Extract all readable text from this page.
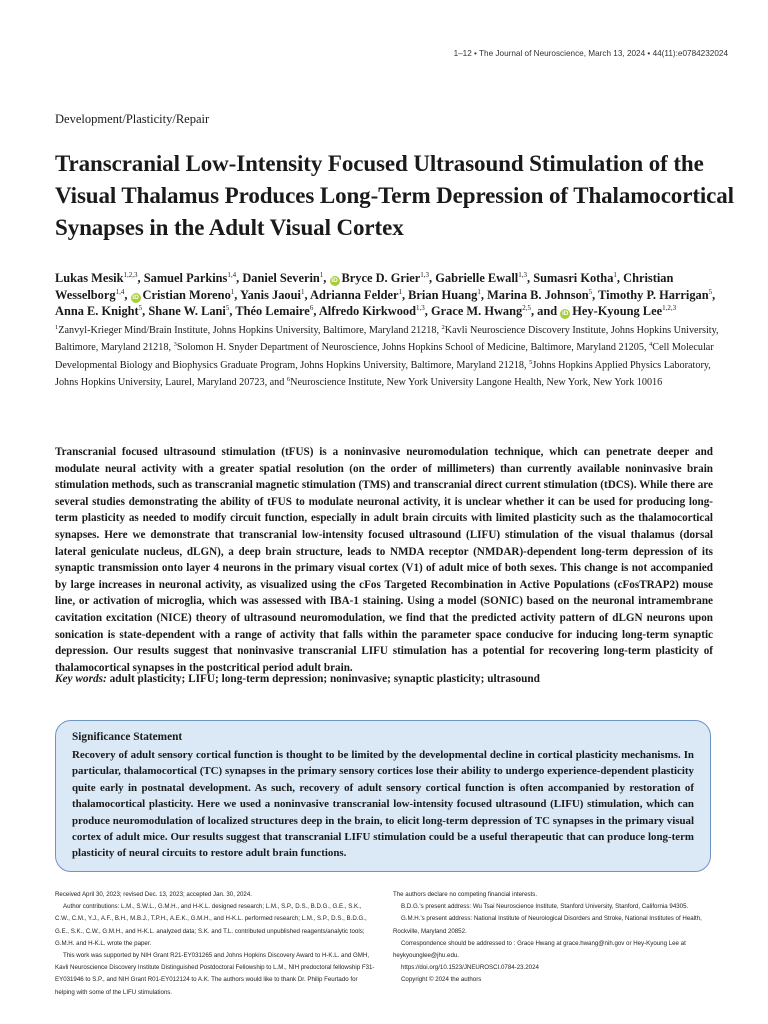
1–12 • The Journal of Neuroscience, March 13, 2024 • 44(11):e0784232024
Development/Plasticity/Repair
Transcranial Low-Intensity Focused Ultrasound Stimulation of the Visual Thalamus Produces Long-Term Depression of Thalamocortical Synapses in the Adult Visual Cortex
Lukas Mesik$^{1,2,3}$, Samuel Parkins$^{1,4}$, Daniel Severin$^1$, iD Bryce D. Grier$^{1,3}$, Gabrielle Ewall$^{1,3}$, Sumasri Kotha$^1$, Christian Wesselborg$^{1,4}$, iD Cristian Moreno$^1$, Yanis Jaoui$^1$, Adrianna Felder$^1$, Brian Huang$^1$, Marina B. Johnson$^5$, Timothy P. Harrigan$^5$, Anna E. Knight$^5$, Shane W. Lani$^5$, Théo Lemaire$^6$, Alfredo Kirkwood$^{1,3}$, Grace M. Hwang$^{2,5}$, and iD Hey-Kyoung Lee$^{1,2,3}$
$^1$Zanvyl-Krieger Mind/Brain Institute, Johns Hopkins University, Baltimore, Maryland 21218, $^2$Kavli Neuroscience Discovery Institute, Johns Hopkins University, Baltimore, Maryland 21218, $^3$Solomon H. Snyder Department of Neuroscience, Johns Hopkins School of Medicine, Baltimore, Maryland 21205, $^4$Cell Molecular Developmental Biology and Biophysics Graduate Program, Johns Hopkins University, Baltimore, Maryland 21218, $^5$Johns Hopkins Applied Physics Laboratory, Johns Hopkins University, Laurel, Maryland 20723, and $^6$Neuroscience Institute, New York University Langone Health, New York, New York 10016

Transcranial focused ultrasound stimulation (tFUS) is a noninvasive neuromodulation technique, which can penetrate deeper and modulate neural activity with a greater spatial resolution (on the order of millimeters) than currently available noninvasive brain stimulation methods, such as transcranial magnetic stimulation (TMS) and transcranial direct current stimulation (tDCS). While there are several studies demonstrating the ability of tFUS to modulate neuronal activity, it is unclear whether it can be used for producing long-term plasticity as needed to modify circuit function, especially in adult brain circuits with limited plasticity such as the thalamocortical synapses. Here we demonstrate that transcranial low-intensity focused ultrasound (LIFU) stimulation of the visual thalamus (dorsal lateral geniculate nucleus, dLGN), a deep brain structure, leads to NMDA receptor (NMDAR)-dependent long-term depression of its synaptic transmission onto layer 4 neurons in the primary visual cortex (V1) of adult mice of both sexes. This change is not accompanied by large increases in neuronal activity, as visualized using the cFos Targeted Recombination in Active Populations (cFosTRAP2) mouse line, or activation of microglia, which was assessed with IBA-1 staining. Using a model (SONIC) based on the neuronal intramembrane cavitation excitation (NICE) theory of ultrasound neuromodulation, we find that the predicted activity pattern of dLGN neurons upon sonication is state-dependent with a range of activity that falls within the parameter space conducive for inducing long-term synaptic depression. Our results suggest that noninvasive transcranial LIFU stimulation has a potential for recovering long-term plasticity of thalamocortical synapses in the postcritical period adult brain.

Key words: adult plasticity; LIFU; long-term depression; noninvasive; synaptic plasticity; ultrasound
Significance Statement
Recovery of adult sensory cortical function is thought to be limited by the developmental decline in cortical plasticity mechanisms. In particular, thalamocortical (TC) synapses in the primary sensory cortices lose their ability to undergo experience-dependent plasticity quite early in postnatal development. As such, recovery of adult sensory cortical function is often accompanied by restoration of thalamocortical plasticity. Here we used a noninvasive transcranial low-intensity focused ultrasound (LIFU) stimulation, which can produce neuromodulation of localized structures deep in the brain, to elicit long-term depression of TC synapses in the primary visual cortex of adult mice. Our results suggest that transcranial LIFU stimulation could be a useful therapeutic that can produce long-term plasticity of neural circuits to restore adult brain functions.

Received April 30, 2023; revised Dec. 13, 2023; accepted Jan. 30, 2024.

Author contributions: L.M., S.W.L., G.M.H., and H-K.L. designed research; L.M., S.P., D.S., B.D.G., G.E., S.K., C.W., C.M., Y.J., A.F., B.H., M.B.J., T.P.H., A.E.K., G.M.H., and H-K.L. performed research; L.M., S.P., D.S., B.D.G., G.E., S.K., C.W., G.M.H., and H-K.L. analyzed data; S.K. and T.L. contributed unpublished reagents/analytic tools; G.M.H. and H-K.L. wrote the paper.

This work was supported by NIH Grant R21-EY031265 and Johns Hopkins Discovery Award to H-K.L. and GMH, Kavli Neuroscience Discovery Institute Distinguished Postdoctoral Fellowship to L.M., NIH predoctoral fellowship F31-EY031946 to S.P., and NIH Grant R01-EY012124 to A.K. The authors would like to thank Dr. Philip Feurtado for helping with some of the LIFU stimulations.

The authors declare no competing financial interests.

B.D.G.'s present address: Wu Tsai Neuroscience Institute, Stanford University, Stanford, California 94305.

G.M.H.'s present address: National Institute of Neurological Disorders and Stroke, National Institutes of Health, Rockville, Maryland 20852.

Correspondence should be addressed to : Grace Hwang at grace.hwang@nih.gov or Hey-Kyoung Lee at heykyounglee@jhu.edu.

https://doi.org/10.1523/JNEUROSCI.0784-23.2024

Copyright © 2024 the authors
